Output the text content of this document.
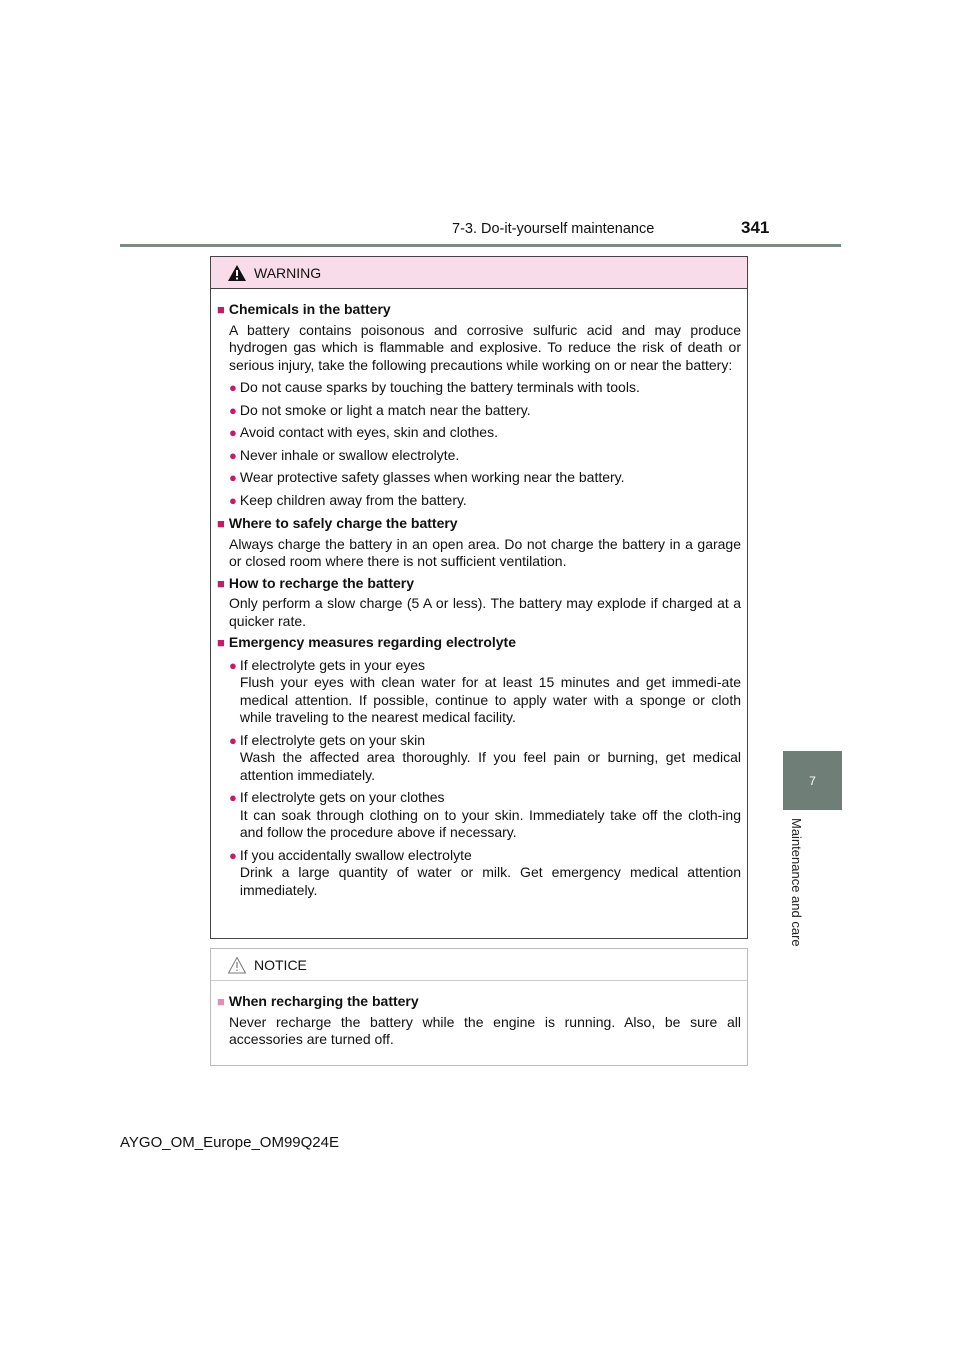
7-3. Do-it-yourself maintenance	341
7
Maintenance and care
WARNING
■ Chemicals in the battery
A battery contains poisonous and corrosive sulfuric acid and may produce hydrogen gas which is flammable and explosive. To reduce the risk of death or serious injury, take the following precautions while working on or near the battery:
● Do not cause sparks by touching the battery terminals with tools.
● Do not smoke or light a match near the battery.
● Avoid contact with eyes, skin and clothes.
● Never inhale or swallow electrolyte.
● Wear protective safety glasses when working near the battery.
● Keep children away from the battery.
■ Where to safely charge the battery
Always charge the battery in an open area. Do not charge the battery in a garage or closed room where there is not sufficient ventilation.
■ How to recharge the battery
Only perform a slow charge (5 A or less). The battery may explode if charged at a quicker rate.
■ Emergency measures regarding electrolyte
● If electrolyte gets in your eyes
Flush your eyes with clean water for at least 15 minutes and get immedi-ate medical attention. If possible, continue to apply water with a sponge or cloth while traveling to the nearest medical facility.
● If electrolyte gets on your skin
Wash the affected area thoroughly. If you feel pain or burning, get medical attention immediately.
● If electrolyte gets on your clothes
It can soak through clothing on to your skin. Immediately take off the cloth-ing and follow the procedure above if necessary.
● If you accidentally swallow electrolyte
Drink a large quantity of water or milk. Get emergency medical attention immediately.
NOTICE
■ When recharging the battery
Never recharge the battery while the engine is running. Also, be sure all accessories are turned off.
AYGO_OM_Europe_OM99Q24E
